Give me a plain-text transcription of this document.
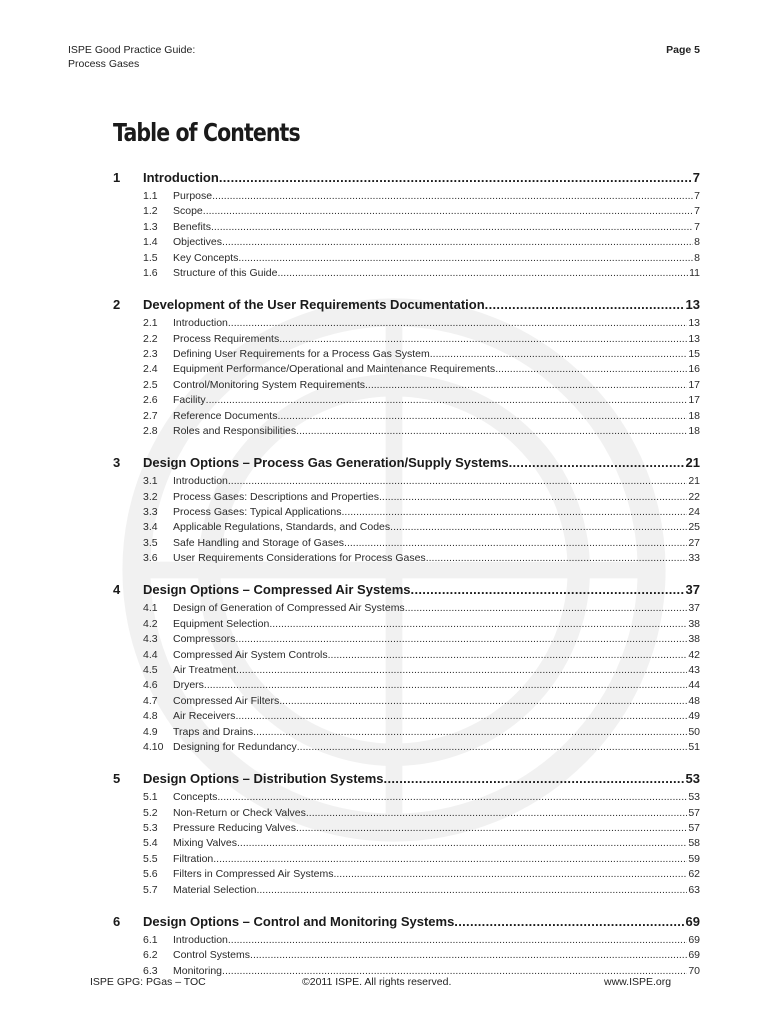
ISPE Good Practice Guide:
Process Gases
Page 5
Table of Contents
1	Introduction .....	7
1.1	Purpose .....	7
1.2	Scope .....	7
1.3	Benefits .....	7
1.4	Objectives .....	8
1.5	Key Concepts .....	8
1.6	Structure of this Guide .....	11
2	Development of the User Requirements Documentation .....	13
2.1	Introduction .....	13
2.2	Process Requirements .....	13
2.3	Defining User Requirements for a Process Gas System .....	15
2.4	Equipment Performance/Operational and Maintenance Requirements .....	16
2.5	Control/Monitoring System Requirements .....	17
2.6	Facility .....	17
2.7	Reference Documents .....	18
2.8	Roles and Responsibilities .....	18
3	Design Options – Process Gas Generation/Supply Systems .....	21
3.1	Introduction .....	21
3.2	Process Gases: Descriptions and Properties .....	22
3.3	Process Gases: Typical Applications .....	24
3.4	Applicable Regulations, Standards, and Codes .....	25
3.5	Safe Handling and Storage of Gases .....	27
3.6	User Requirements Considerations for Process Gases .....	33
4	Design Options – Compressed Air Systems .....	37
4.1	Design of Generation of Compressed Air Systems .....	37
4.2	Equipment Selection .....	38
4.3	Compressors .....	38
4.4	Compressed Air System Controls .....	42
4.5	Air Treatment .....	43
4.6	Dryers .....	44
4.7	Compressed Air Filters .....	48
4.8	Air Receivers .....	49
4.9	Traps and Drains .....	50
4.10 Designing for Redundancy .....	51
5	Design Options – Distribution Systems .....	53
5.1	Concepts .....	53
5.2	Non-Return or Check Valves .....	57
5.3	Pressure Reducing Valves .....	57
5.4	Mixing Valves .....	58
5.5	Filtration .....	59
5.6	Filters in Compressed Air Systems .....	62
5.7	Material Selection .....	63
6	Design Options – Control and Monitoring Systems .....	69
6.1	Introduction .....	69
6.2	Control Systems .....	69
6.3	Monitoring .....	70
ISPE GPG: PGas – TOC	©2011 ISPE. All rights reserved.	www.ISPE.org
